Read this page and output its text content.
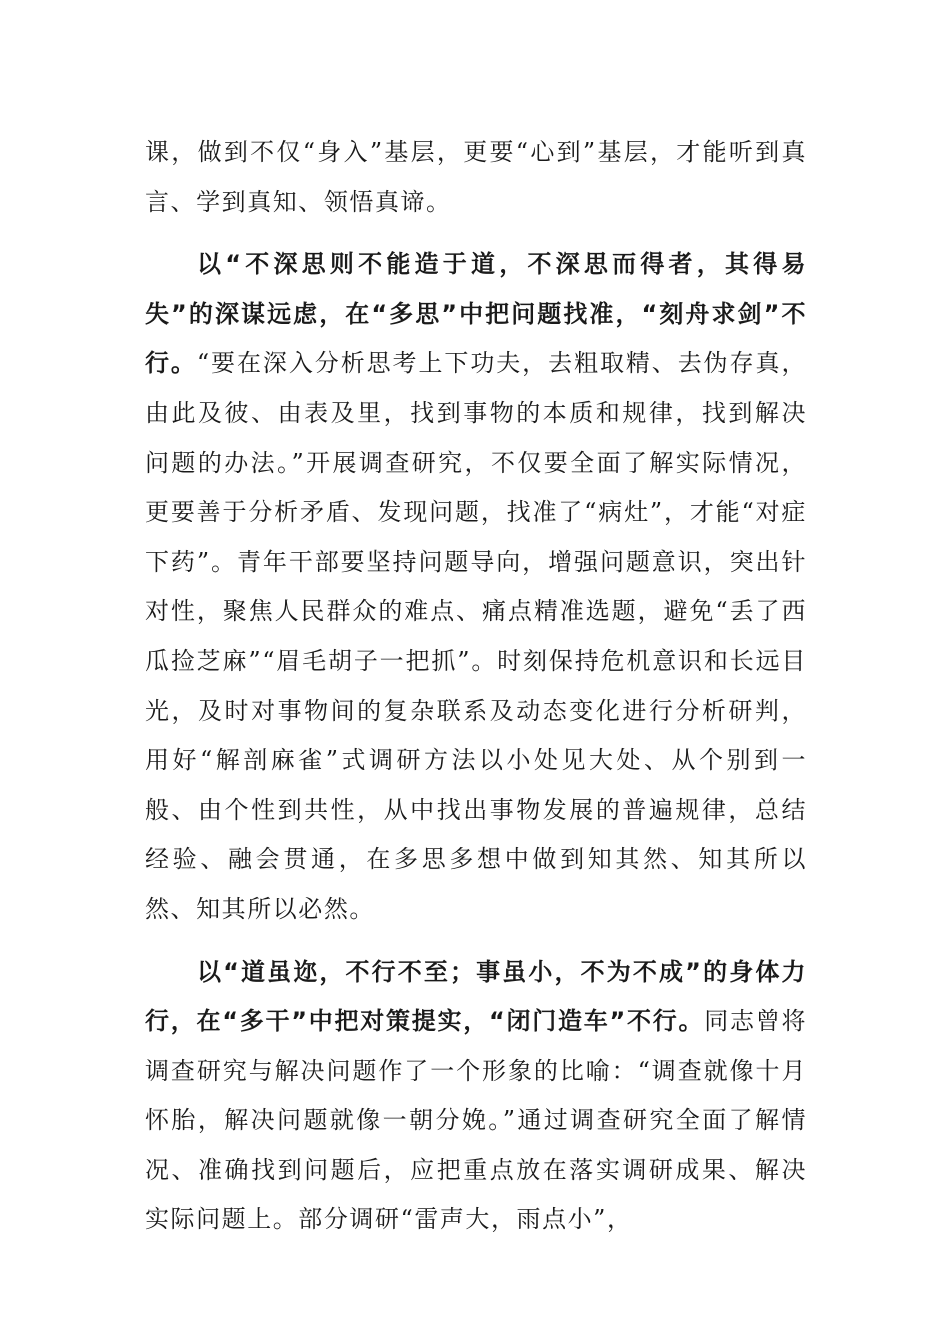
课，做到不仅“身入”基层，更要“心到”基层，才能听到真言、学到真知、领悟真谛。

以“不深思则不能造于道，不深思而得者，其得易失”的深谋远虑，在“多思”中把问题找准，“刻舟求剑”不行。“要在深入分析思考上下功夫，去粗取精、去伪存真，由此及彼、由表及里，找到事物的本质和规律，找到解决问题的办法。”开展调查研究，不仅要全面了解实际情况，更要善于分析矛盾、发现问题，找准了“病灶”，才能“对症下药”。青年干部要坚持问题导向，增强问题意识，突出针对性，聚焦人民群众的难点、痛点精准选题，避免“丢了西瓜捡芝麻”“眉毛胡子一把抓”。时刻保持危机意识和长远目光，及时对事物间的复杂联系及动态变化进行分析研判，用好“解剖麻雀”式调研方法以小处见大处、从个别到一般、由个性到共性，从中找出事物发展的普遍规律，总结经验、融会贯通，在多思多想中做到知其然、知其所以然、知其所以必然。

以“道虽迩，不行不至；事虽小，不为不成”的身体力行，在“多干”中把对策提实，“闭门造车”不行。同志曾将调查研究与解决问题作了一个形象的比喻：“调查就像十月怀胎，解决问题就像一朝分娩。”通过调查研究全面了解情况、准确找到问题后，应把重点放在落实调研成果、解决实际问题上。部分调研“雷声大，雨点小”，
